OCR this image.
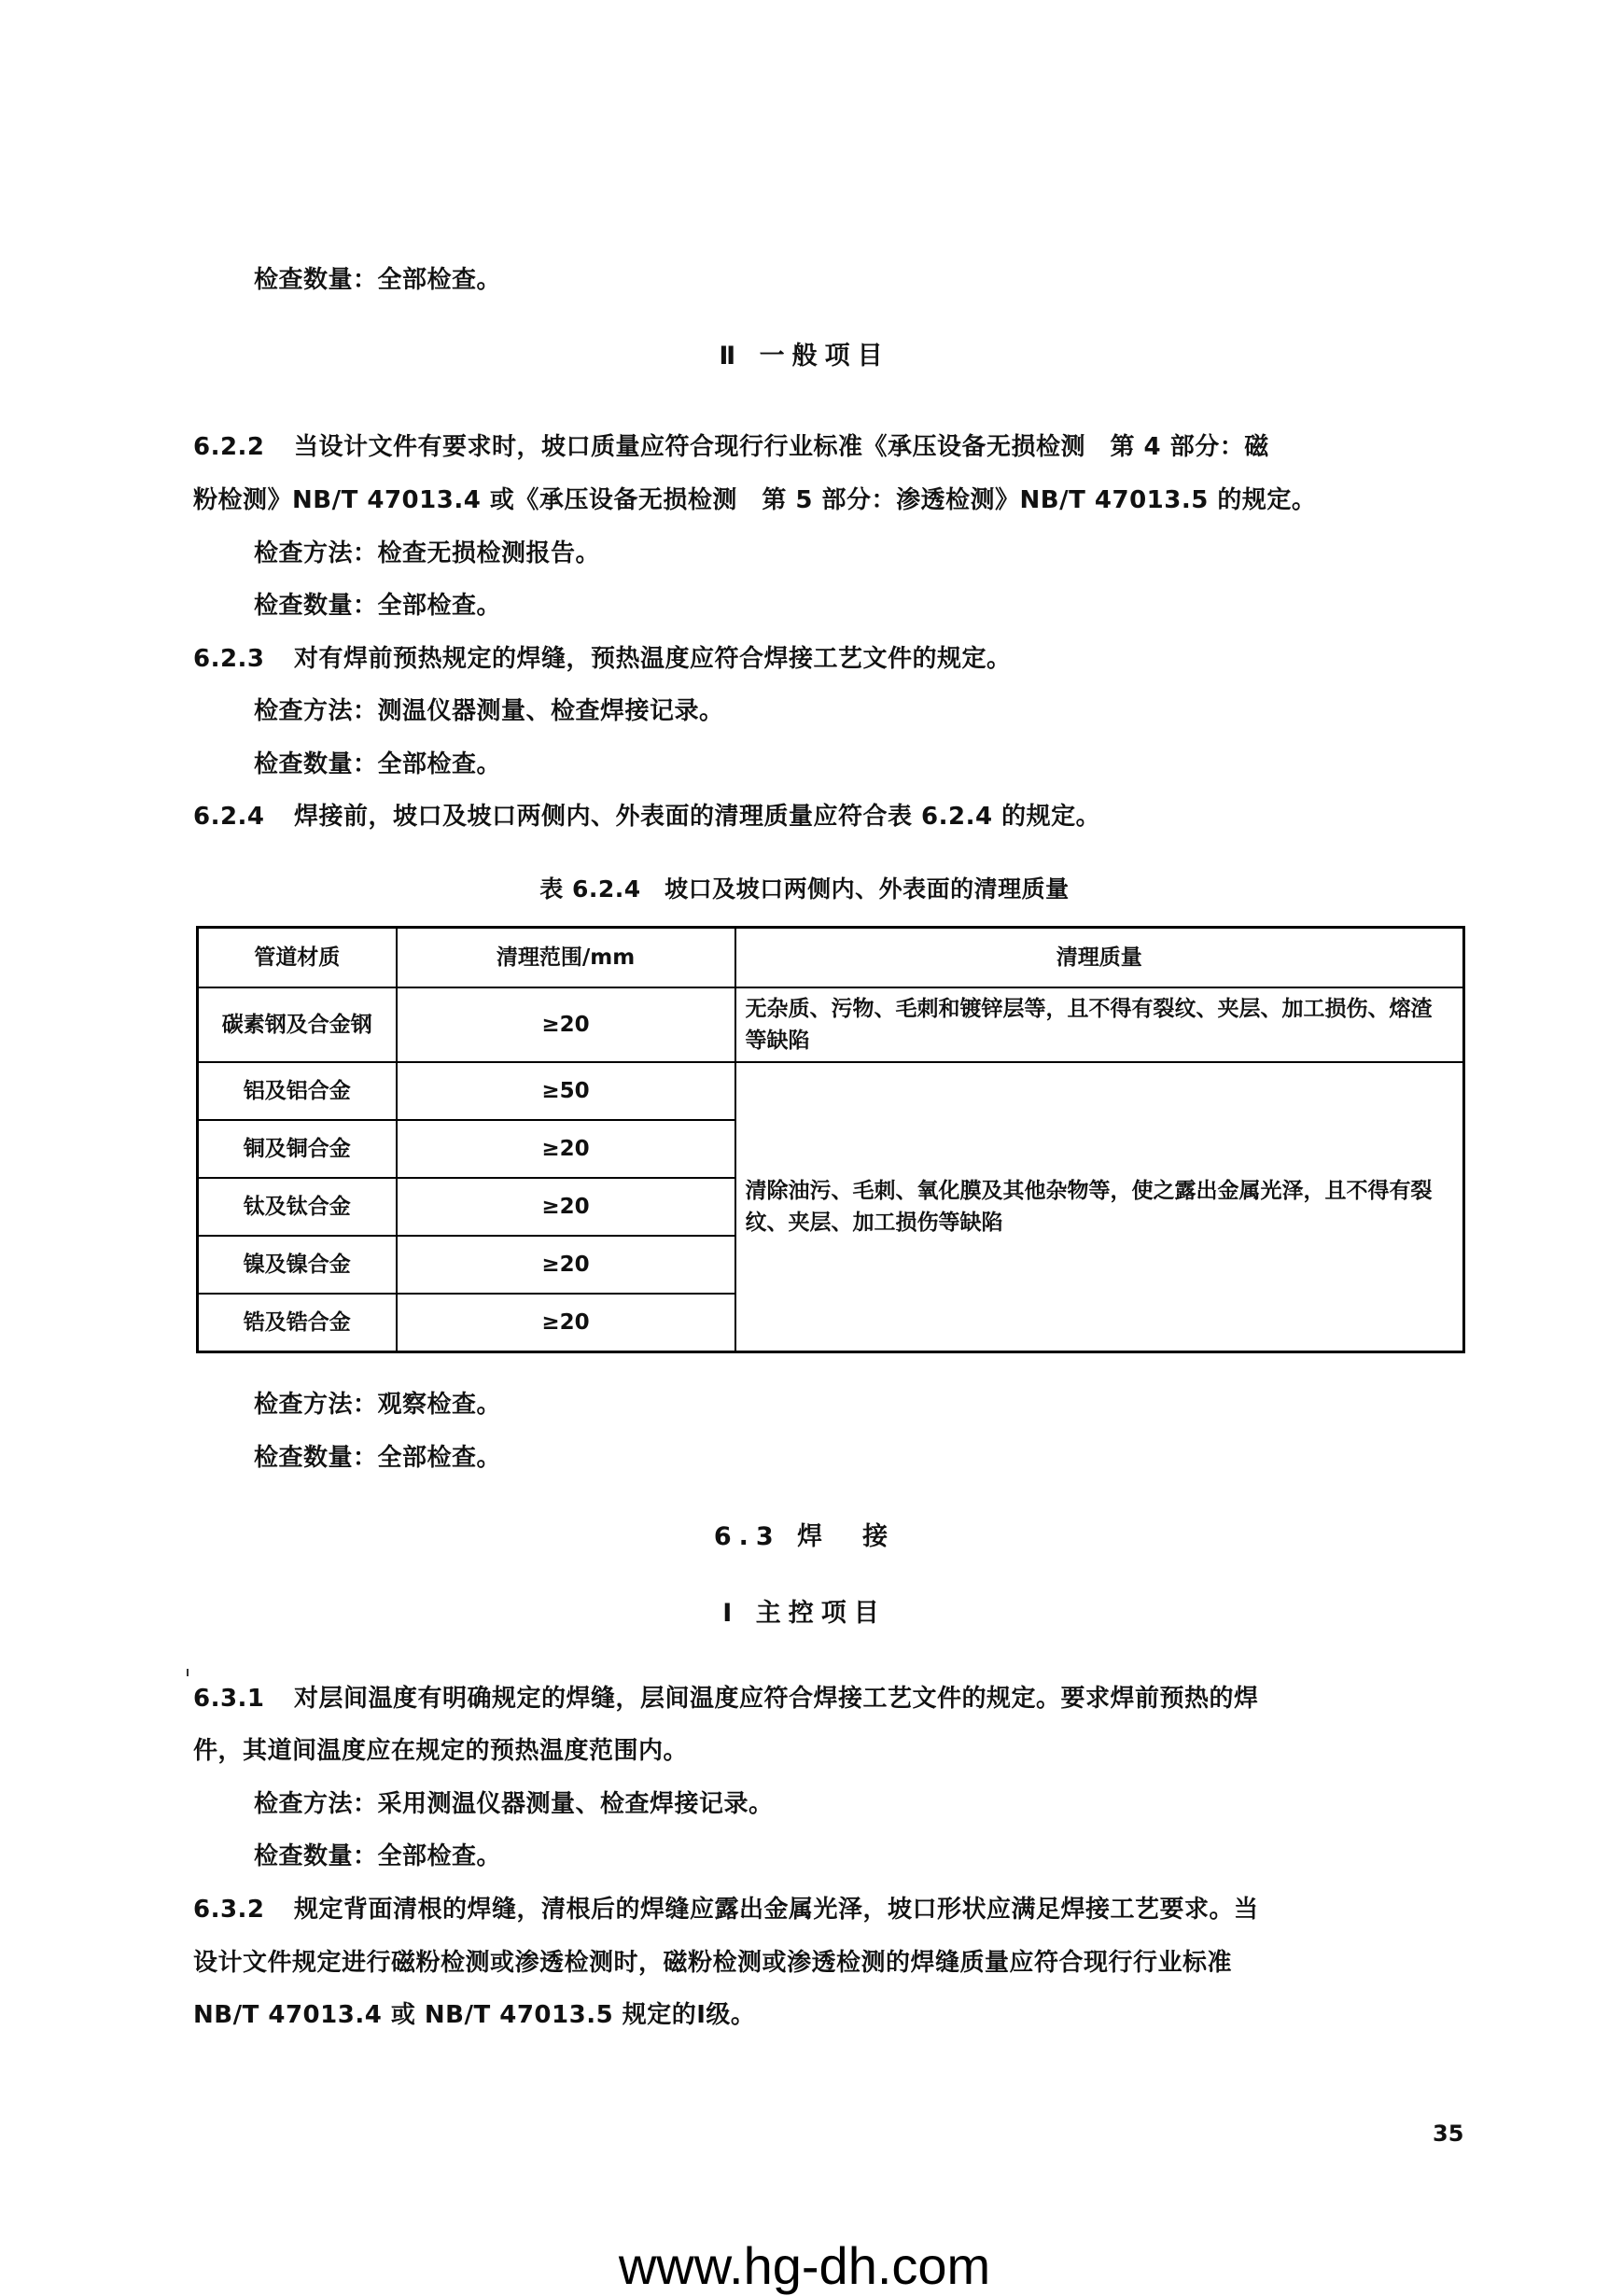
检查数量：全部检查。
Ⅱ 一般项目
6.2.2 当设计文件有要求时，坡口质量应符合现行行业标准《承压设备无损检测　第 4 部分：磁
粉检测》NB/T 47013.4 或《承压设备无损检测　第 5 部分：渗透检测》NB/T 47013.5 的规定。
检查方法：检查无损检测报告。
检查数量：全部检查。
6.2.3 对有焊前预热规定的焊缝，预热温度应符合焊接工艺文件的规定。
检查方法：测温仪器测量、检查焊接记录。
检查数量：全部检查。
6.2.4 焊接前，坡口及坡口两侧内、外表面的清理质量应符合表 6.2.4 的规定。
表 6.2.4　坡口及坡口两侧内、外表面的清理质量
管道材质	清理范围/mm	清理质量
碳素钢及合金钢	≥20	无杂质、污物、毛刺和镀锌层等，且不得有裂纹、夹层、加工损伤、熔渣等缺陷
铝及铝合金	≥50	清除油污、毛刺、氧化膜及其他杂物等，使之露出金属光泽，且不得有裂纹、夹层、加工损伤等缺陷
铜及铜合金	≥20	
钛及钛合金	≥20	
镍及镍合金	≥20	
锆及锆合金	≥20	
检查方法：观察检查。
检查数量：全部检查。
6.3 焊　接
Ⅰ 主控项目
6.3.1 对层间温度有明确规定的焊缝，层间温度应符合焊接工艺文件的规定。要求焊前预热的焊
件，其道间温度应在规定的预热温度范围内。
检查方法：采用测温仪器测量、检查焊接记录。
检查数量：全部检查。
6.3.2 规定背面清根的焊缝，清根后的焊缝应露出金属光泽，坡口形状应满足焊接工艺要求。当
设计文件规定进行磁粉检测或渗透检测时，磁粉检测或渗透检测的焊缝质量应符合现行行业标准
NB/T 47013.4 或 NB/T 47013.5 规定的Ⅰ级。
35
www.hg-dh.com
